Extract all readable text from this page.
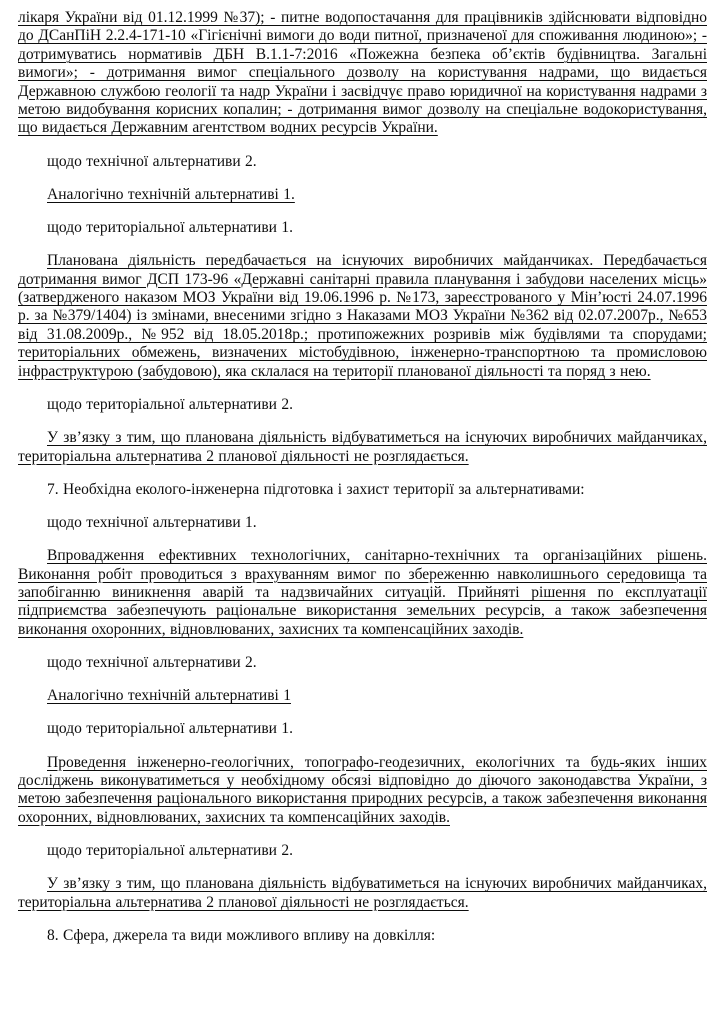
лікаря України від 01.12.1999 №37); - питне водопостачання для працівників здійснювати відповідно до ДСанПіН 2.2.4-171-10 «Гігієнічні вимоги до води питної, призначеної для споживання людиною»; - дотримуватись нормативів ДБН В.1.1-7:2016 «Пожежна безпека об’єктів будівництва. Загальні вимоги»; - дотримання вимог спеціального дозволу на користування надрами, що видається Державною службою геології та надр України і засвідчує право юридичної на користування надрами з метою видобування корисних копалин; - дотримання вимог дозволу на спеціальне водокористування, що видається Державним агентством водних ресурсів України.

щодо технічної альтернативи 2.

Аналогічно технічній альтернативі 1.

щодо територіальної альтернативи 1.

Планована діяльність передбачається на існуючих виробничих майданчиках. Передбачається дотримання вимог ДСП 173-96 «Державні санітарні правила планування і забудови населених місць» (затвердженого наказом МОЗ України від 19.06.1996 р. №173, зареєстрованого у Мін’юсті 24.07.1996 р. за №379/1404) із змінами, внесеними згідно з Наказами МОЗ України №362 від 02.07.2007р., №653 від 31.08.2009р., №952 від 18.05.2018р.; протипожежних розривів між будівлями та спорудами; територіальних обмежень, визначених містобудівною, інженерно-транспортною та промисловою інфраструктурою (забудовою), яка склалася на території планованої діяльності та поряд з нею.

щодо територіальної альтернативи 2.

У зв’язку з тим, що планована діяльність відбуватиметься на існуючих виробничих майданчиках, територіальна альтернатива 2 планової діяльності не розглядається.

7. Необхідна еколого-інженерна підготовка і захист території за альтернативами:

щодо технічної альтернативи 1.

Впровадження ефективних технологічних, санітарно-технічних та організаційних рішень. Виконання робіт проводиться з врахуванням вимог по збереженню навколишнього середовища та запобіганню виникнення аварій та надзвичайних ситуацій. Прийняті рішення по експлуатації підприємства забезпечують раціональне використання земельних ресурсів, а також забезпечення виконання охоронних, відновлюваних, захисних та компенсаційних заходів.

щодо технічної альтернативи 2.

Аналогічно технічній альтернативі 1

щодо територіальної альтернативи 1.

Проведення інженерно-геологічних, топографо-геодезичних, екологічних та будь-яких інших досліджень виконуватиметься у необхідному обсязі відповідно до діючого законодавства України, з метою забезпечення раціонального використання природних ресурсів, а також забезпечення виконання охоронних, відновлюваних, захисних та компенсаційних заходів.

щодо територіальної альтернативи 2.

У зв’язку з тим, що планована діяльність відбуватиметься на існуючих виробничих майданчиках, територіальна альтернатива 2 планової діяльності не розглядається.

8. Сфера, джерела та види можливого впливу на довкілля:
